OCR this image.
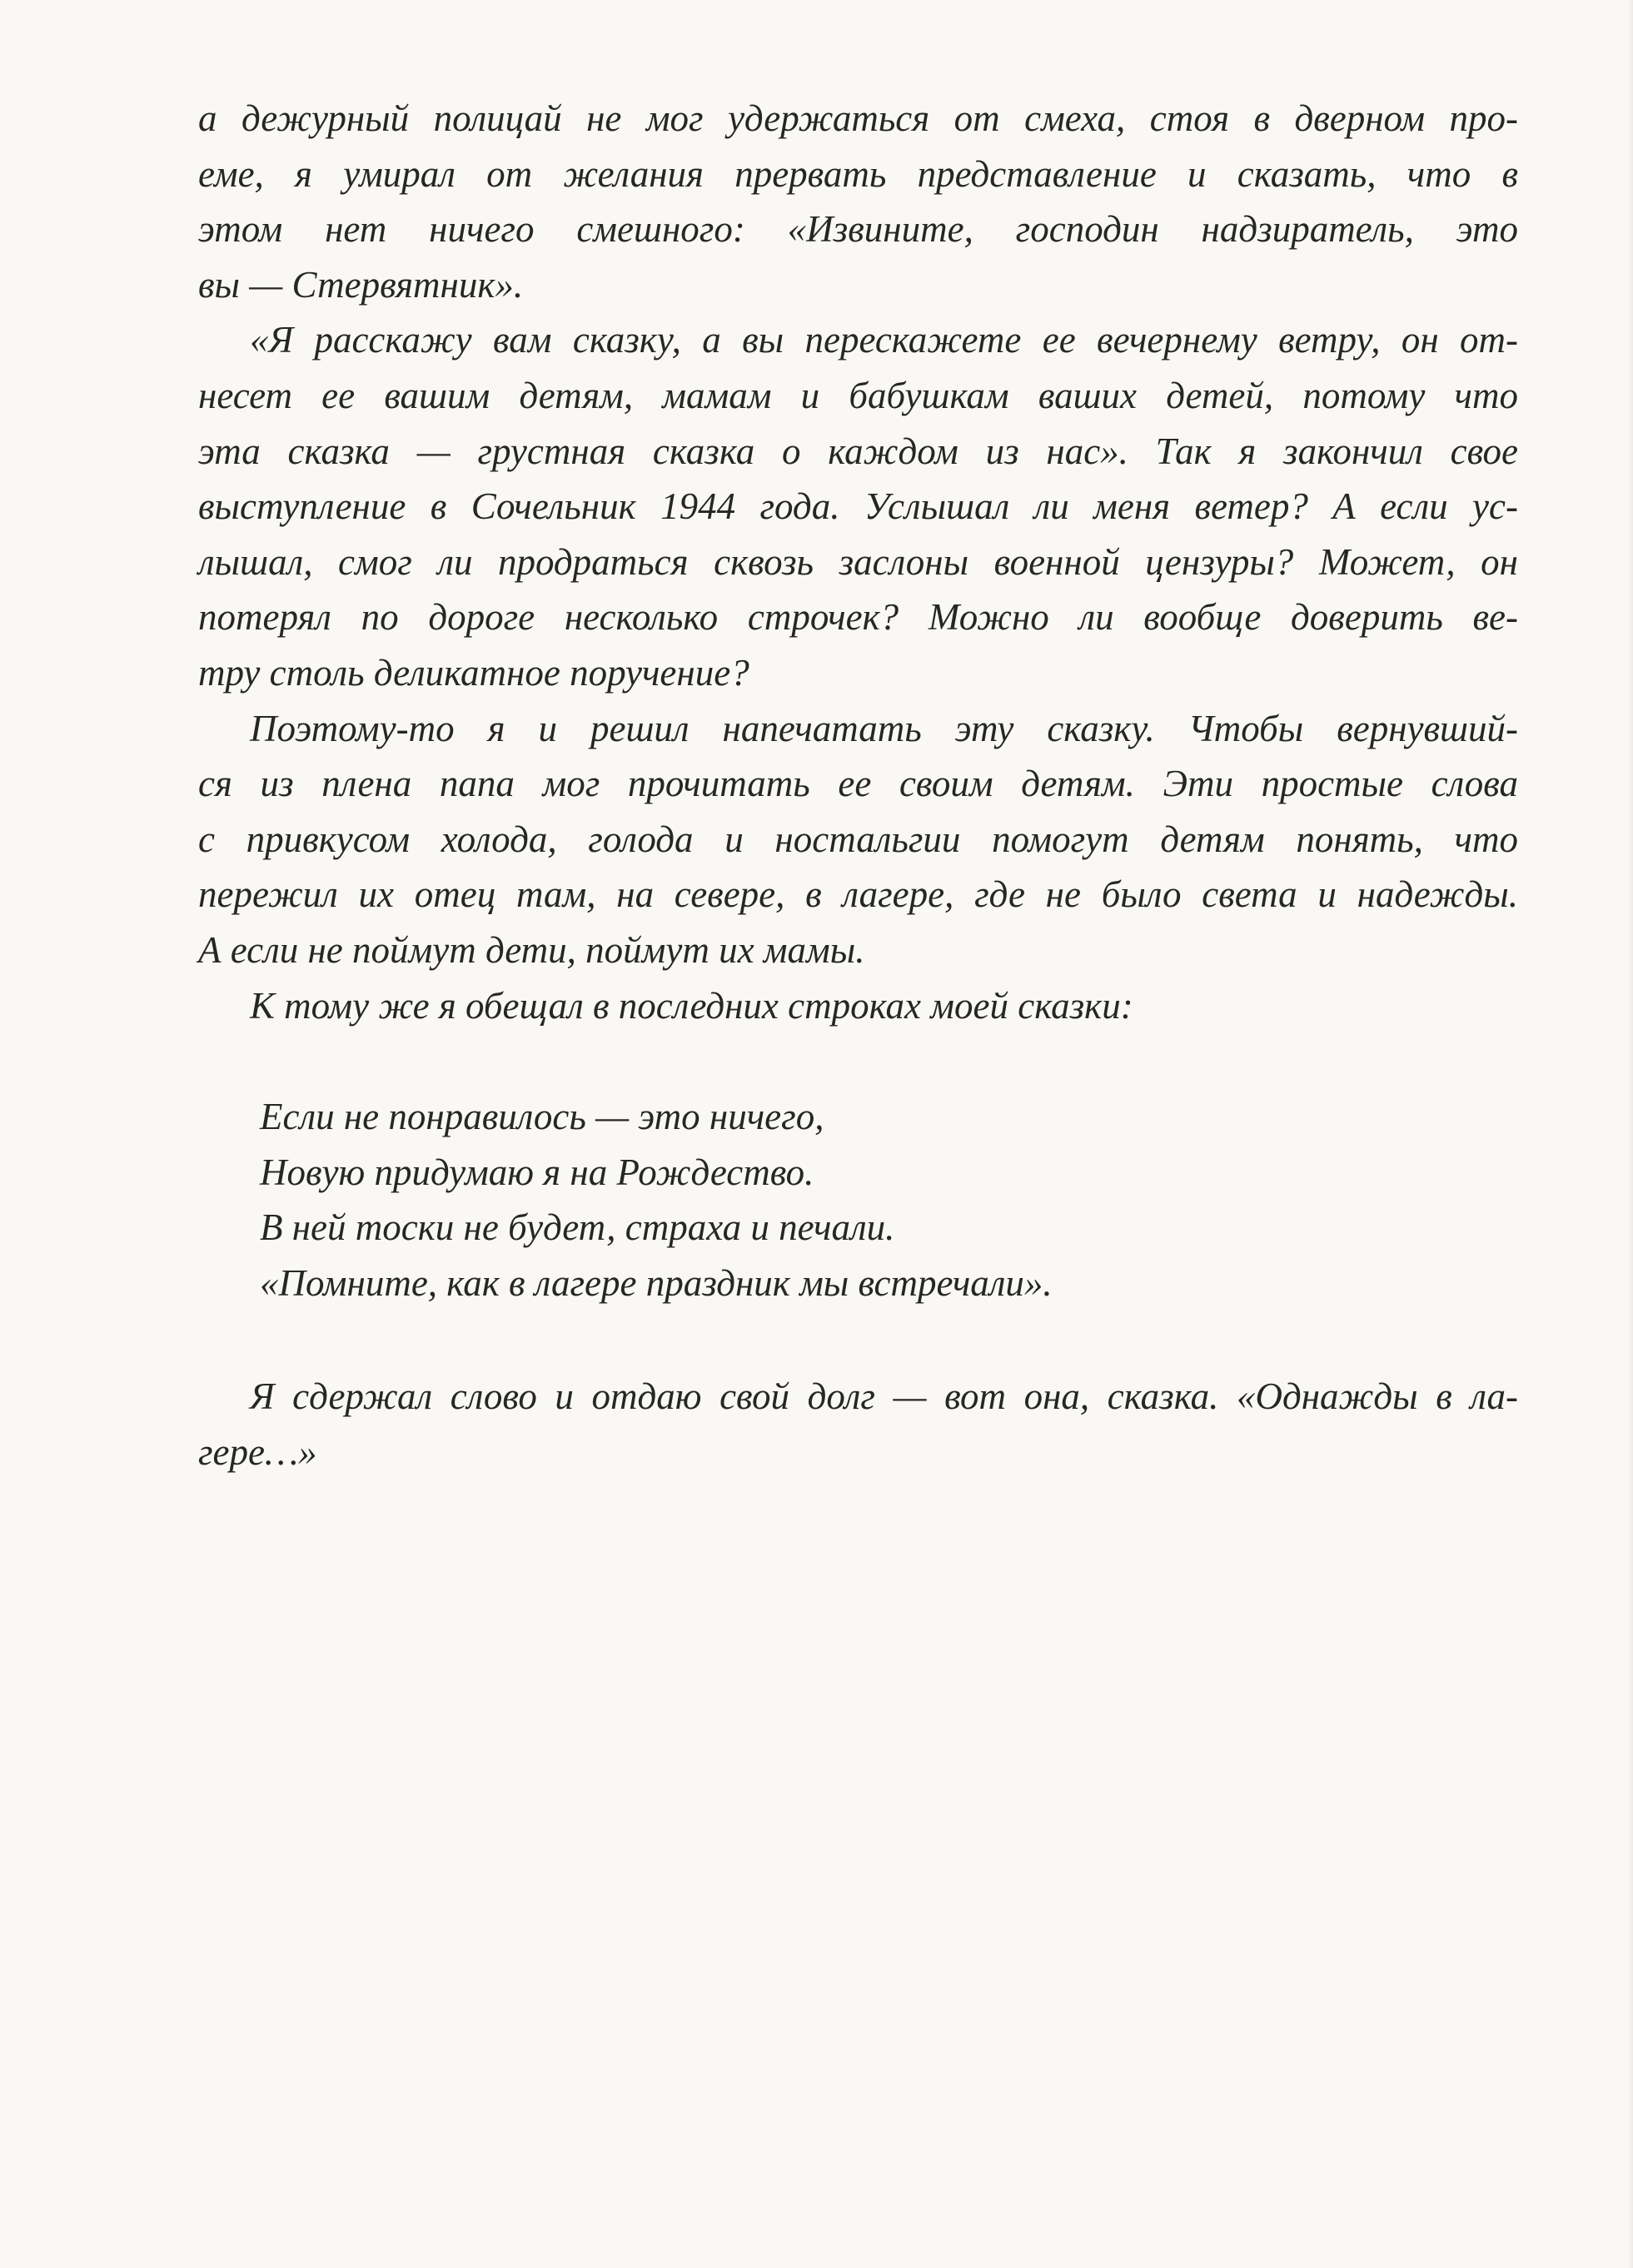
а дежурный полицай не мог удержаться от смеха, стоя в дверном про-
еме, я умирал от желания прервать представление и сказать, что в
этом нет ничего смешного: «Извините, господин надзиратель, это
вы — Стервятник».
«Я расскажу вам сказку, а вы перескажете ее вечернему ветру, он от-
несет ее вашим детям, мамам и бабушкам ваших детей, потому что
эта сказка — грустная сказка о каждом из нас». Так я закончил свое
выступление в Сочельник 1944 года. Услышал ли меня ветер? А если ус-
лышал, смог ли продраться сквозь заслоны военной цензуры? Может, он
потерял по дороге несколько строчек? Можно ли вообще доверить ве-
тру столь деликатное поручение?
Поэтому-то я и решил напечатать эту сказку. Чтобы вернувший-
ся из плена папа мог прочитать ее своим детям. Эти простые слова
с привкусом холода, голода и ностальгии помогут детям понять, что
пережил их отец там, на севере, в лагере, где не было света и надежды.
А если не поймут дети, поймут их мамы.
К тому же я обещал в последних строках моей сказки:
Если не понравилось — это ничего,
Новую придумаю я на Рождество.
В ней тоски не будет, страха и печали.
«Помните, как в лагере праздник мы встречали».
Я сдержал слово и отдаю свой долг — вот она, сказка. «Однажды в ла-
гере…»
